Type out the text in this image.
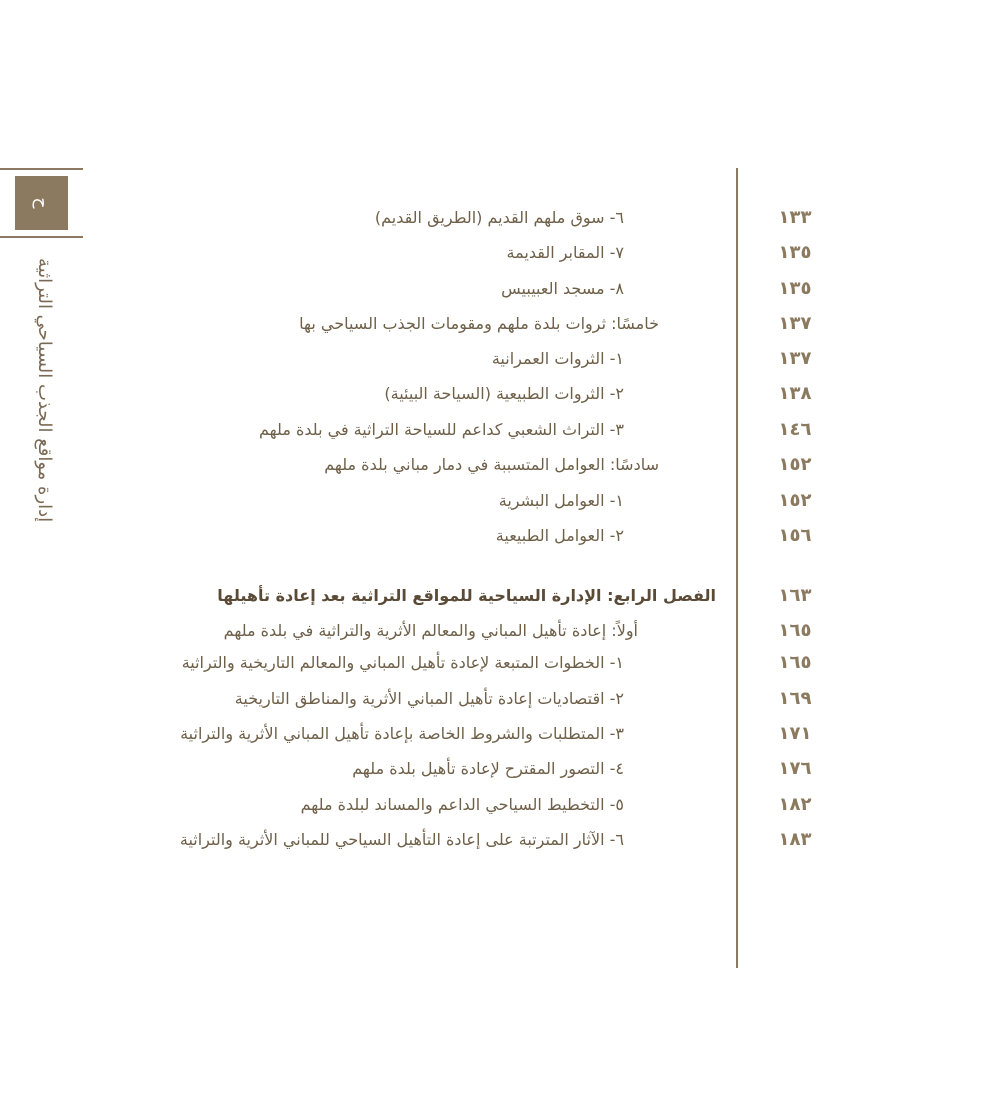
ح
إدارة مواقع الجذب السياحي التراثية
١٣٣
٦- سوق ملهم القديم (الطريق القديم)
١٣٥
٧- المقابر القديمة
١٣٥
٨- مسجد العبيبيس
١٣٧
خامسًا: ثروات بلدة ملهم ومقومات الجذب السياحي بها
١٣٧
١- الثروات العمرانية
١٣٨
٢- الثروات الطبيعية (السياحة البيئية)
١٤٦
٣- التراث الشعبي كداعم للسياحة التراثية في بلدة ملهم
١٥٢
سادسًا: العوامل المتسببة في دمار مباني بلدة ملهم
١٥٢
١- العوامل البشرية
١٥٦
٢- العوامل الطبيعية
١٦٣
الفصل الرابع: الإدارة السياحية للمواقع التراثية بعد إعادة تأهيلها
١٦٥
أولاً: إعادة تأهيل المباني والمعالم الأثرية والتراثية في بلدة ملهم
١٦٥
١- الخطوات المتبعة لإعادة تأهيل المباني والمعالم التاريخية والتراثية
١٦٩
٢- اقتصاديات إعادة تأهيل المباني الأثرية والمناطق التاريخية
١٧١
٣- المتطلبات والشروط الخاصة بإعادة تأهيل المباني الأثرية والتراثية
١٧٦
٤- التصور المقترح لإعادة تأهيل بلدة ملهم
١٨٢
٥- التخطيط السياحي الداعم والمساند لبلدة ملهم
١٨٣
٦- الآثار المترتبة على إعادة التأهيل السياحي للمباني الأثرية والتراثية
